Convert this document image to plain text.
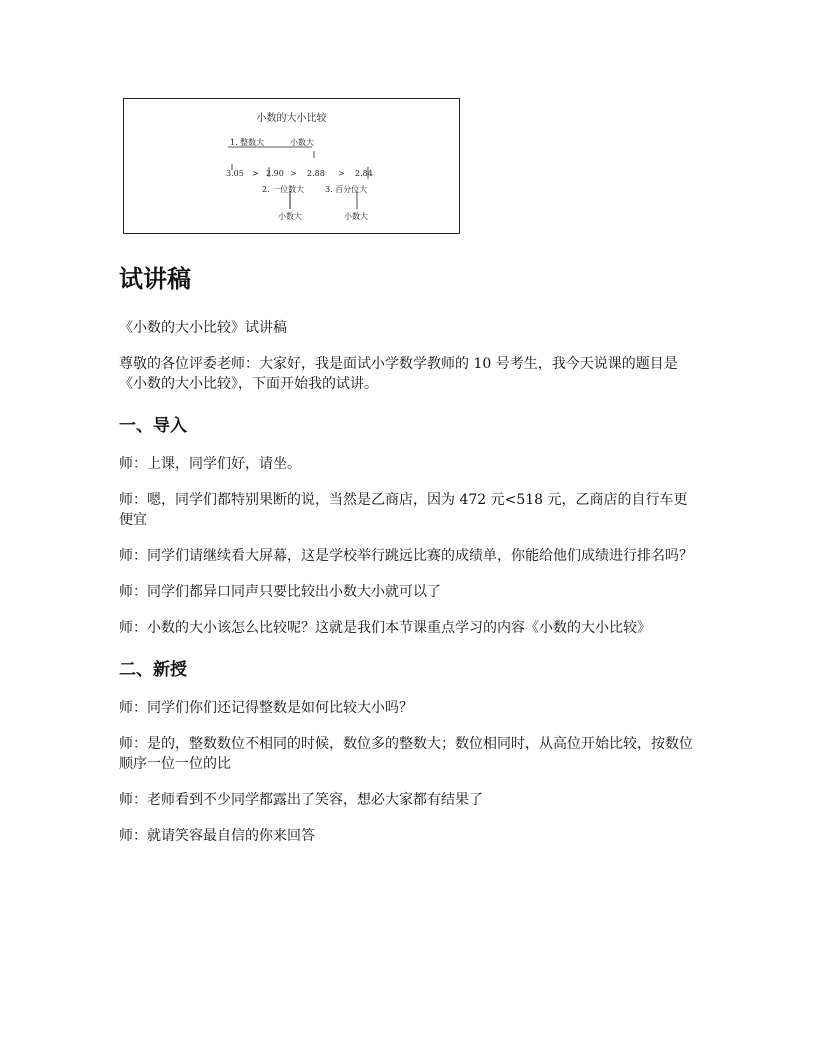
小数的大小比较
1. 整数大	小数大
3.05 > 2.90 > 2.88 > 2.84
2. 一位数大	3. 百分位大
小数大	小数大
试讲稿

《小数的大小比较》试讲稿

尊敬的各位评委老师：大家好，我是面试小学数学教师的 10 号考生，我今天说课的题目是《小数的大小比较》，下面开始我的试讲。

一、导入

师：上课，同学们好，请坐。

师：嗯，同学们都特别果断的说，当然是乙商店，因为 472 元<518 元，乙商店的自行车更便宜

师：同学们请继续看大屏幕，这是学校举行跳远比赛的成绩单，你能给他们成绩进行排名吗？

师：同学们都异口同声只要比较出小数大小就可以了

师：小数的大小该怎么比较呢？这就是我们本节课重点学习的内容《小数的大小比较》

二、新授

师：同学们你们还记得整数是如何比较大小吗？

师：是的，整数数位不相同的时候，数位多的整数大；数位相同时，从高位开始比较，按数位顺序一位一位的比

师：老师看到不少同学都露出了笑容，想必大家都有结果了

师：就请笑容最自信的你来回答
